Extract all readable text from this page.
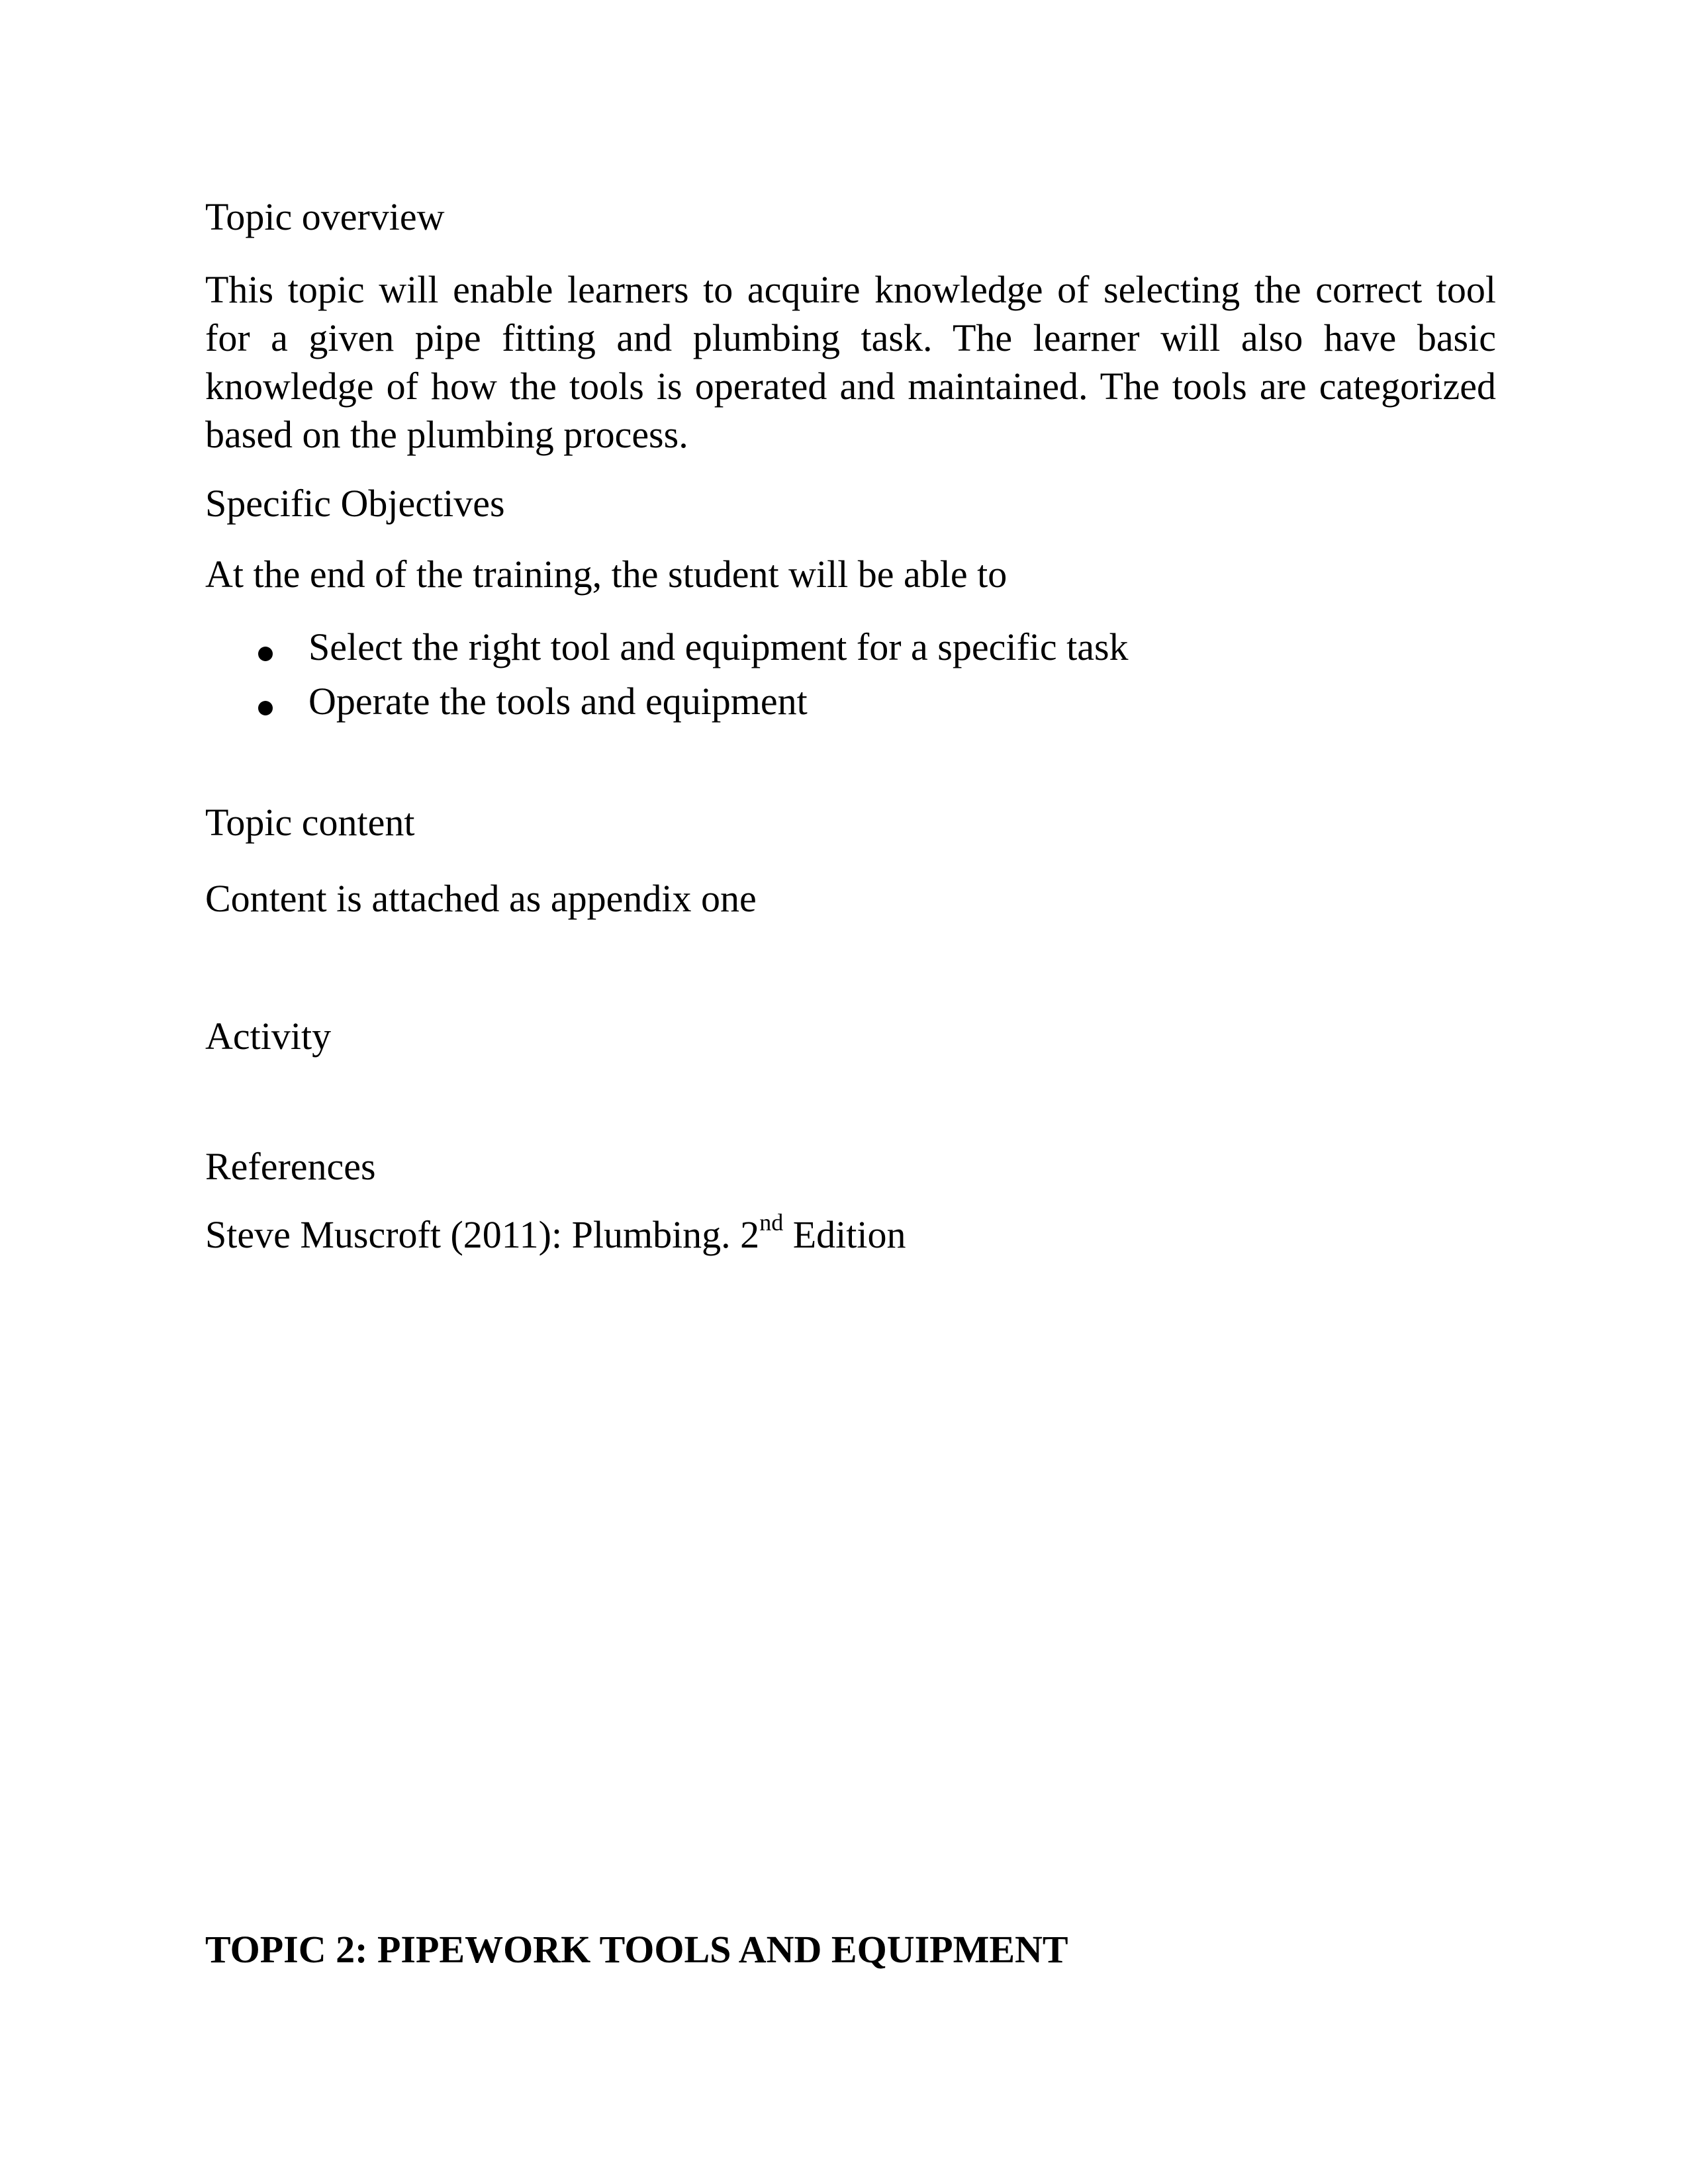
Topic overview
This topic will enable learners to acquire knowledge of selecting the correct tool
for a given pipe fitting and plumbing task. The learner will also have basic
knowledge of how the tools is operated and maintained. The tools are categorized
based on the plumbing process.
Specific Objectives
At the end of the training, the student will be able to
Select the right tool and equipment for a specific task
Operate the tools and equipment
Topic content
Content is attached as appendix one
Activity
References
Steve Muscroft (2011): Plumbing. 2nd Edition
TOPIC 2: PIPEWORK TOOLS AND EQUIPMENT
